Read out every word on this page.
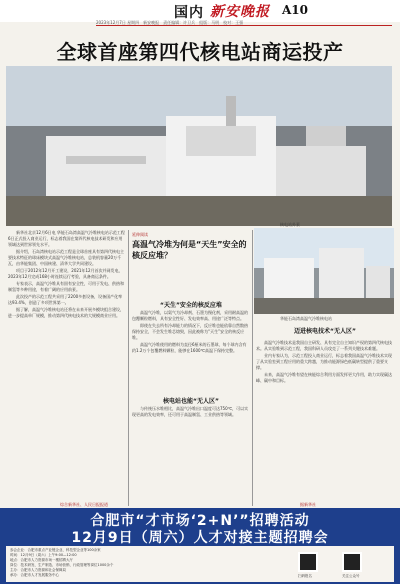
国内 新安晚报	A10
2023年12月7日 星期四　新安晚报　责任编辑：许卫兵　组版：马明　校对：王强
全球首座第四代核电站商运投产
核电站外景
华能石岛湾高温气冷堆核电站

新华社北京12月6日电 华能石岛湾高温气冷堆核电站示范工程6日正式投入商业运行，标志着我国在第四代核电技术研发和应用领域达到世界领先水平。

据介绍，石岛湾核电站示范工程是全球首座具有第四代核电主要技术特征的球床模块式高温气冷堆核电站，总装机容量20万千瓦，由华能集团、中国核建、清华大学共同建设。

项目于2012年12月开工建设，2021年12月首次并网发电，2023年12月完成168小时连续运行考验，具备商运条件。

专家表示，高温气冷堆具有固有安全性，可用于发电、供热和制氢等多种用途，有着广阔的应用前景。

此次投产的示范工程共采用了2200多套设备，设备国产化率达93.4%，创造了多项世界第一。

据了解，高温气冷堆核电站还将在未来开展多模块组合建设，进一步提高单厂规模，推动第四代核电技术的大规模商业应用。

综合新华社、人民日报报道
延伸阅读
高温气冷堆为何是“天生”安全的核反应堆？
“天生”安全的核反应堆

高温气冷堆，以氦气为冷却剂、石墨为慢化剂，采用耐高温的包覆颗粒燃料，具有安全性好、发电效率高、用途广泛等特点。

即使在失去所有冷却能力的情况下，反应堆也能依靠自然散热保持安全，不会发生堆芯熔毁，因此被称为“天生”安全的核反应堆。

高温气冷堆使用的燃料为直径6厘米的石墨球，每个球内含有约1.2万个包覆燃料颗粒，能够在1600℃高温下保持完整。

核电站也能“无人区”

与传统压水堆相比，高温气冷堆出口温度可达750℃，可以实现更高的发电效率，还可用于高温制氢、工业供热等领域。

迈进核电技术“无人区”

高温气冷堆技术是我国自主研发、具有完全自主知识产权的第四代核电技术。从实验堆到示范工程，我国科研人员攻克了一系列关键技术难题。

业内专家认为，示范工程投入商业运行，标志着我国高温气冷堆技术实现了从实验室到工程应用的重大跨越，为推动能源绿色低碳转型提供了重要支撑。

未来，高温气冷堆有望在核能综合利用方面发挥更大作用，助力实现碳达峰、碳中和目标。

据新华社
合肥市“才市场‘2+N’”招聘活动
12月9日（周六）人才对接主题招聘会
参会企业：合肥市重点产业链企业、科技型企业等100余家
时间：12月9日（周六）上午9:00—12:00
地点：合肥市人力资源市场一楼招聘大厅
岗位：技术研发、生产制造、市场营销、行政管理等岗位1000余个
主办：合肥市人力资源和社会保障局
承办：合肥市人才发展服务中心	扫码报名	关注公众号
